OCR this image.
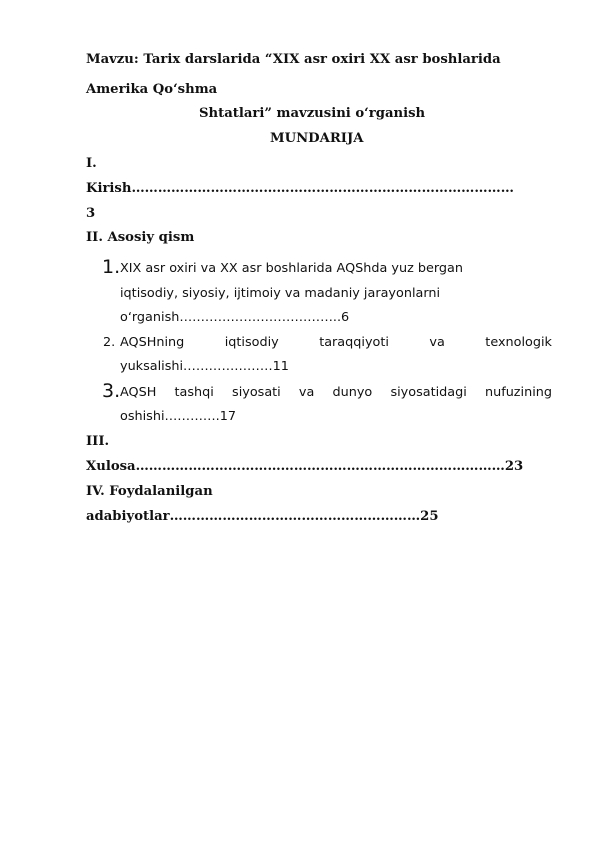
Mavzu: Tarix darslarida “XIX asr oxiri XX asr boshlarida

Amerika Qo‘shma

Shtatlari” mavzusini o‘rganish

MUNDARIJA

I.

Kirish……………………………………………………………………………

3

II. Asosiy qism

1. XIX asr oxiri va XX asr boshlarida AQShda yuz bergan

iqtisodiy, siyosiy, ijtimoiy va madaniy jarayonlarni

o‘rganish………………………………..6

2. AQSHning	iqtisodiy	taraqqiyoti	va	texnologik

yuksalishi…………………11

3. AQSH tashqi siyosati va dunyo siyosatidagi nufuzining

oshishi………….17

III.

Xulosa…………………………………………………………………………23

IV. Foydalanilgan

adabiyotlar…………………………………………………25
